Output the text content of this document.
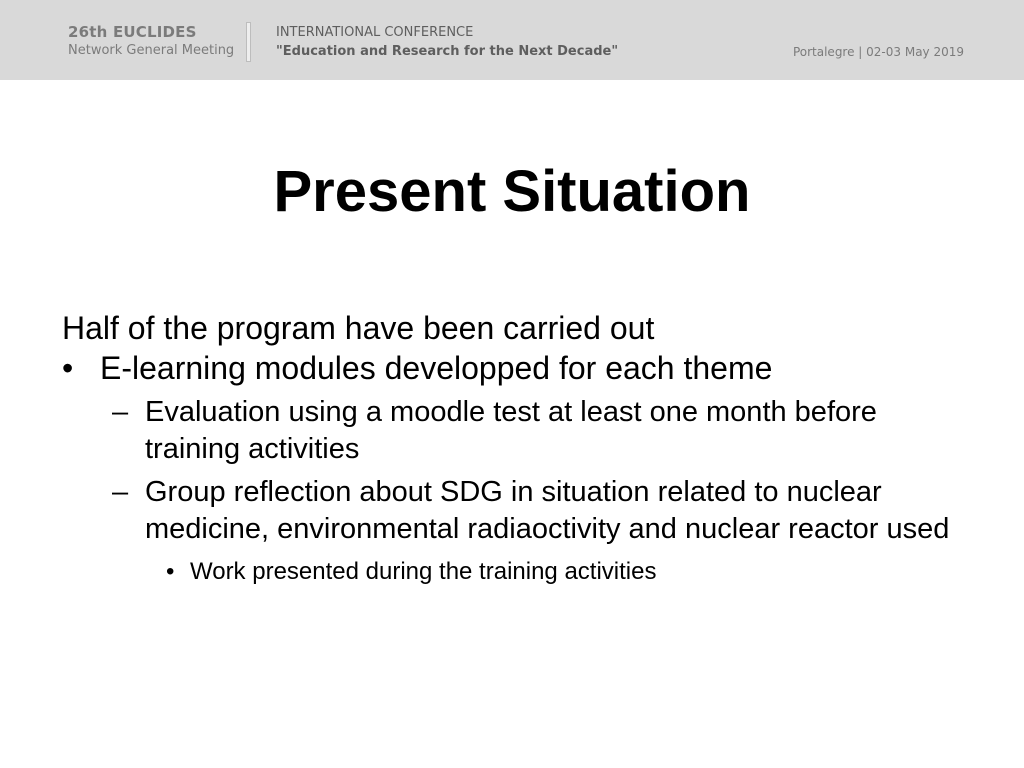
26th EUCLIDES
Network General Meeting
INTERNATIONAL CONFERENCE
"Education and Research for the Next Decade"	Portalegre | 02-03 May 2019
Present Situation
Half of the program have been carried out
• E-learning modules developped for each theme
– Evaluation using a moodle test at least one month before training activities
– Group reflection about SDG in situation related to nuclear medicine, environmental radiaoctivity and nuclear reactor used
• Work presented during the training activities
